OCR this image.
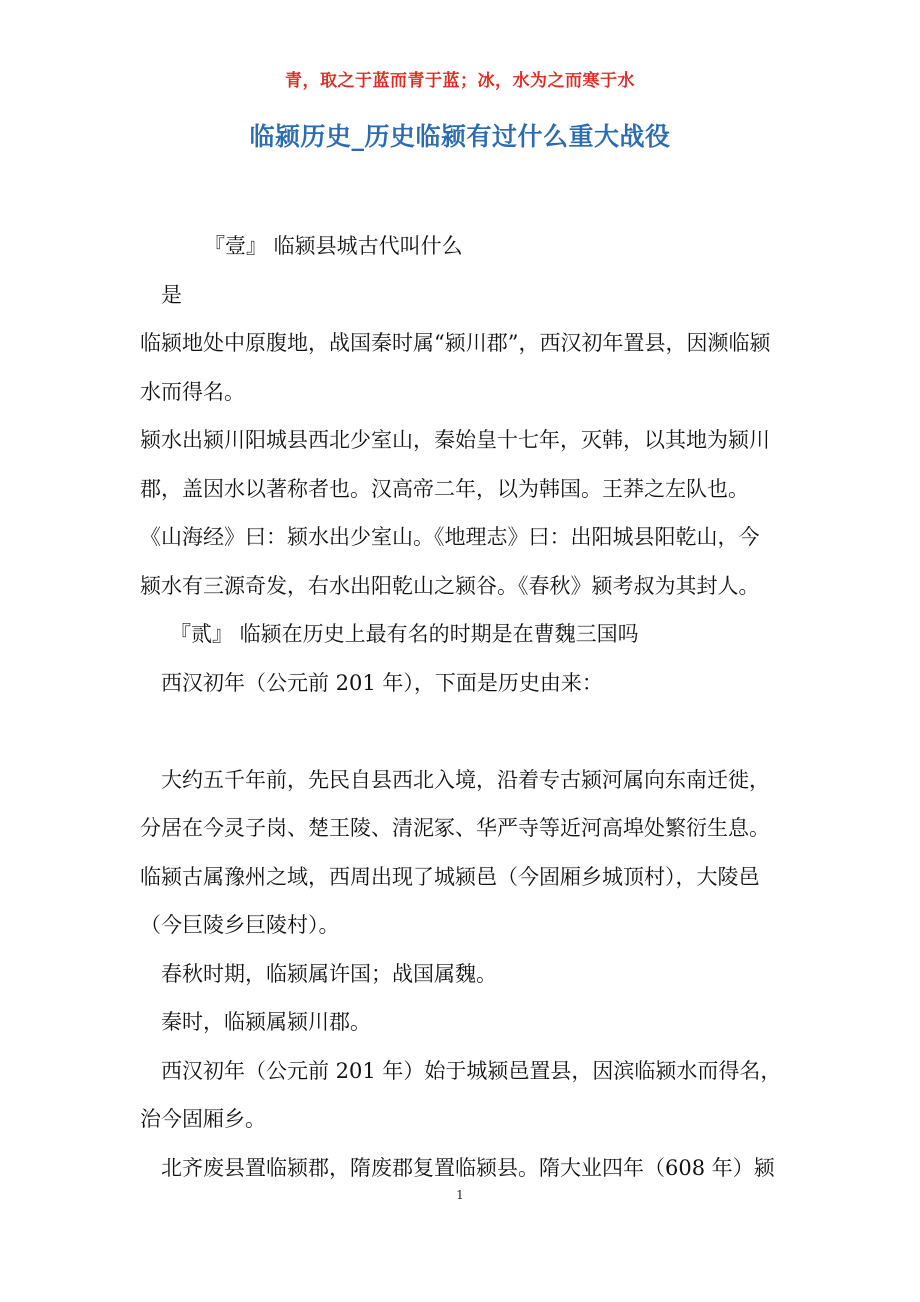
青，取之于蓝而青于蓝；冰，水为之而寒于水
临颍历史_历史临颍有过什么重大战役
『壹』 临颍县城古代叫什么
是
临颍地处中原腹地，战国秦时属“颍川郡”，西汉初年置县，因濒临颍
水而得名。
颍水出颍川阳城县西北少室山，秦始皇十七年，灭韩，以其地为颍川
郡，盖因水以著称者也。汉高帝二年，以为韩国。王莽之左队也。
《山海经》曰：颍水出少室山。《地理志》曰：出阳城县阳乾山，今
颍水有三源奇发，右水出阳乾山之颍谷。《春秋》颍考叔为其封人。
『贰』 临颍在历史上最有名的时期是在曹魏三国吗
西汉初年（公元前 201 年），下面是历史由来：
大约五千年前，先民自县西北入境，沿着专古颍河属向东南迁徙，
分居在今灵子岗、楚王陵、清泥冢、华严寺等近河高埠处繁衍生息。
临颍古属豫州之域，西周出现了城颍邑（今固厢乡城顶村），大陵邑
（今巨陵乡巨陵村）。
春秋时期，临颍属许国；战国属魏。
秦时，临颍属颍川郡。
西汉初年（公元前 201 年）始于城颍邑置县，因滨临颍水而得名，
治今固厢乡。
北齐废县置临颍郡，隋废郡复置临颍县。隋大业四年（608 年）颍
1
